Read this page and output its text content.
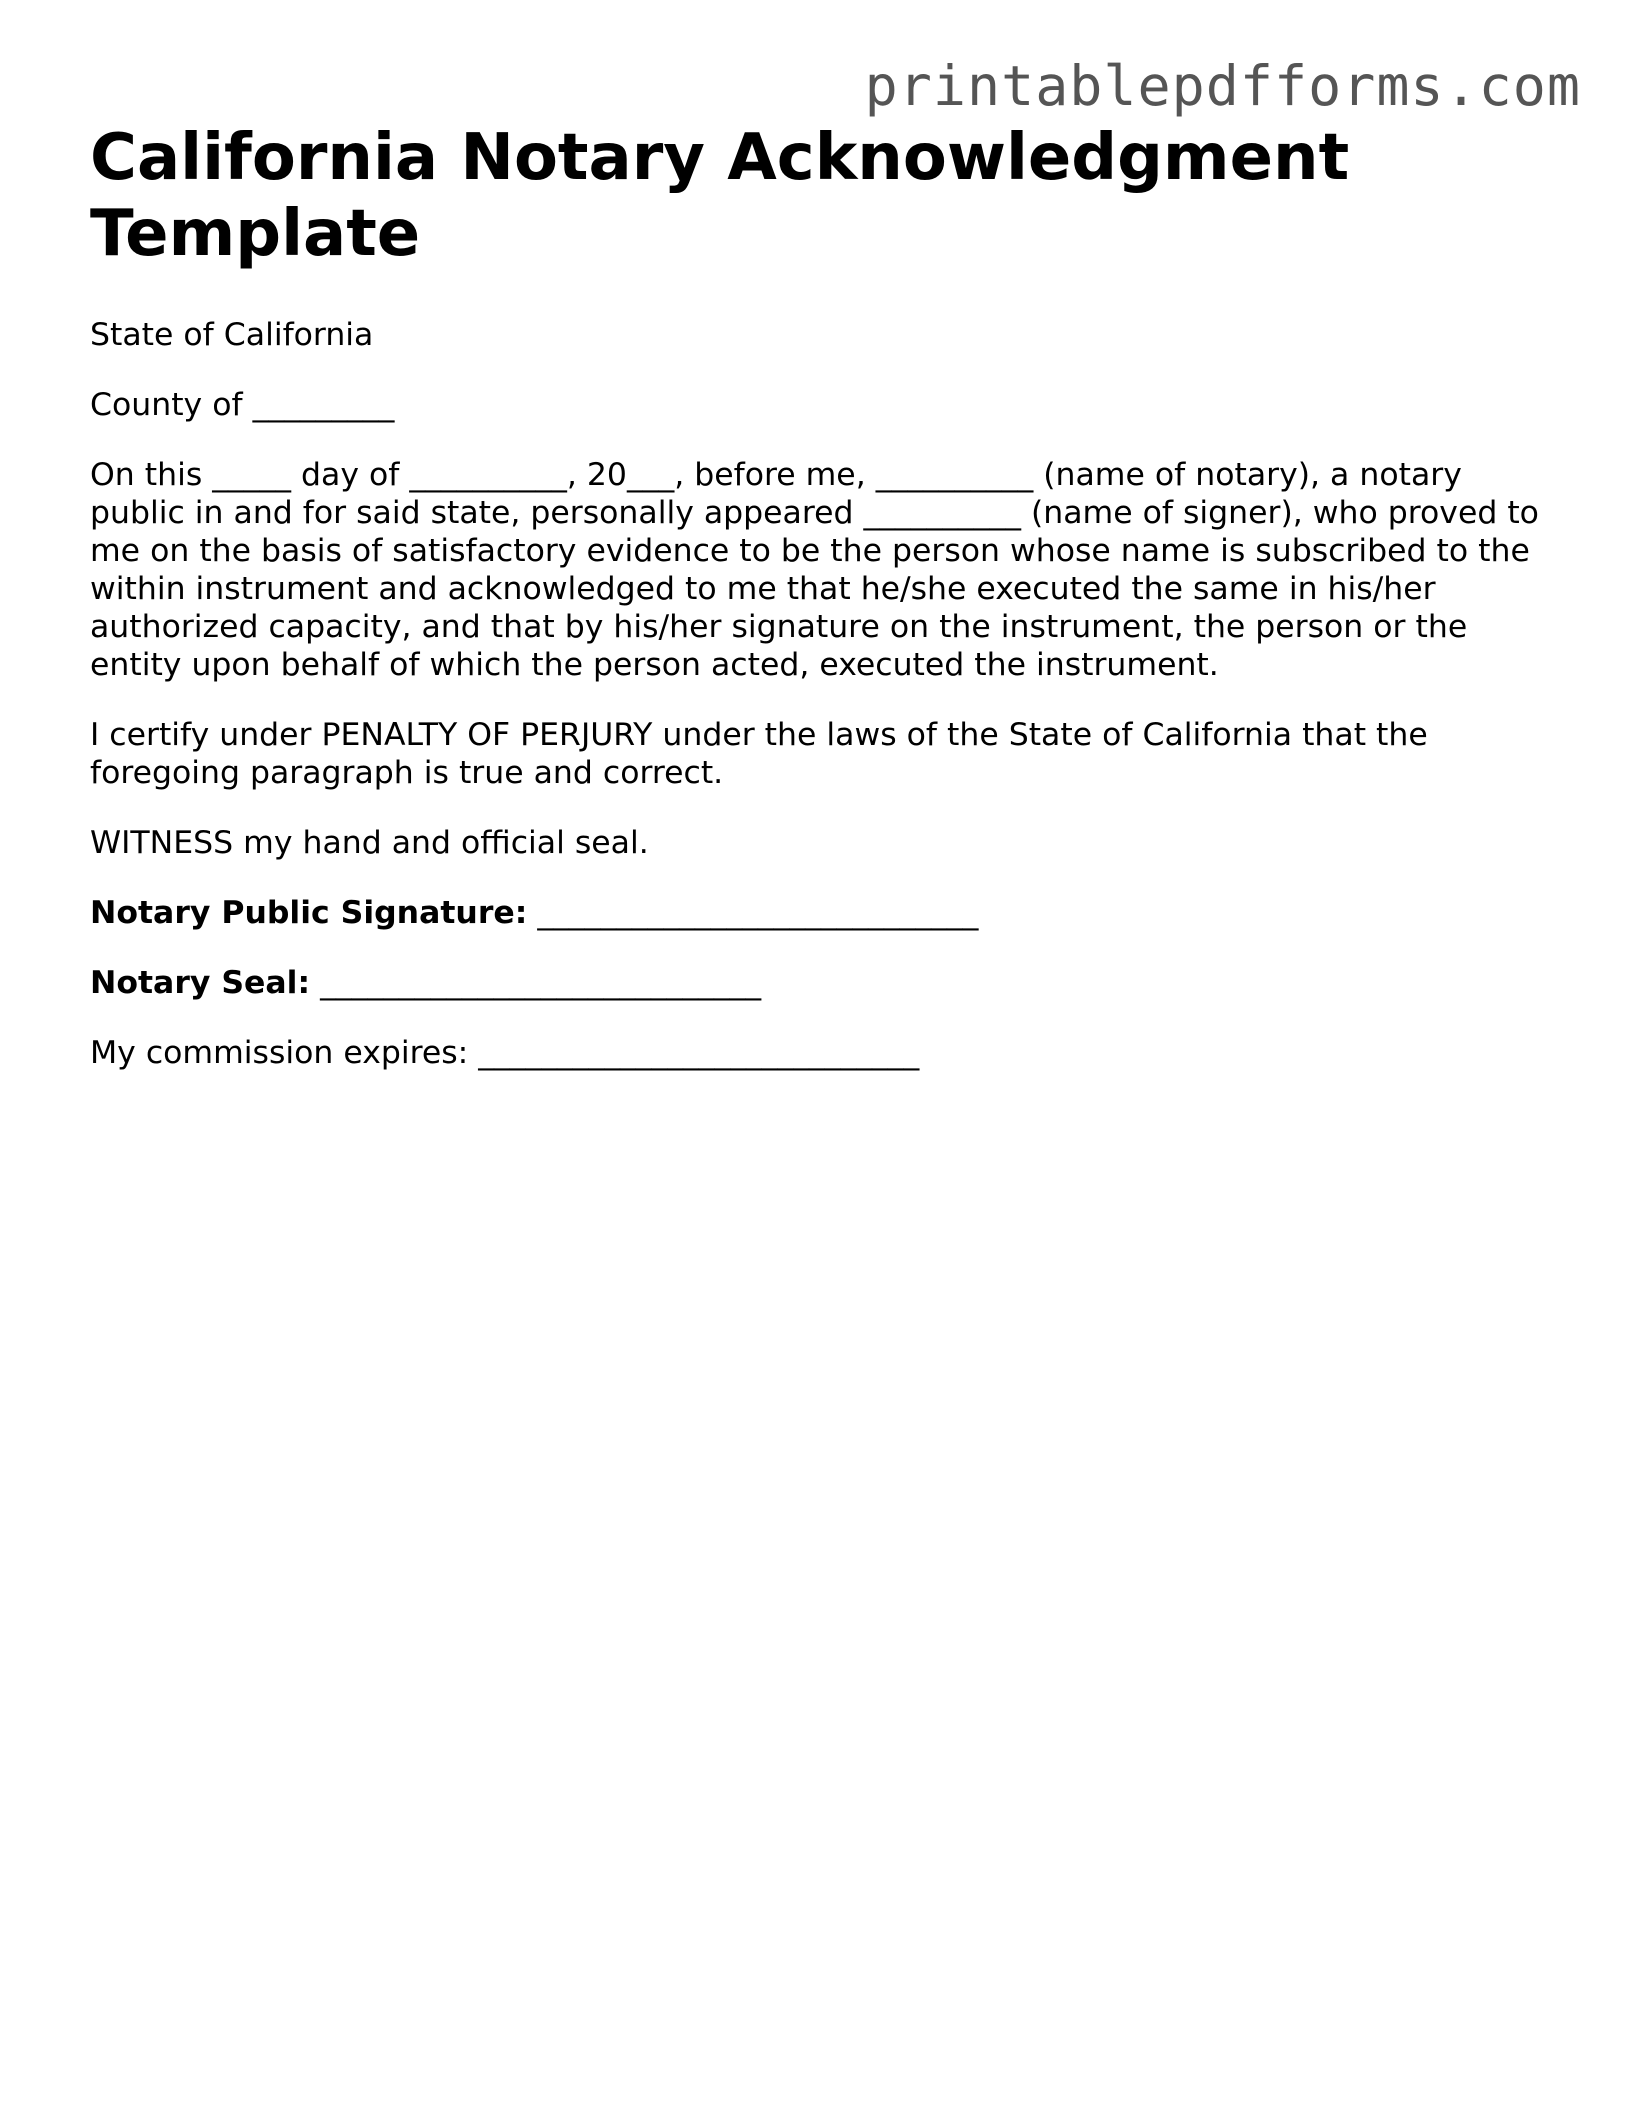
printablepdfforms.com
California Notary Acknowledgment Template

State of California

County of _________

On this _____ day of __________, 20___, before me, __________ (name of notary), a notary public in and for said state, personally appeared __________ (name of signer), who proved to me on the basis of satisfactory evidence to be the person whose name is subscribed to the within instrument and acknowledged to me that he/she executed the same in his/her authorized capacity, and that by his/her signature on the instrument, the person or the entity upon behalf of which the person acted, executed the instrument.

I certify under PENALTY OF PERJURY under the laws of the State of California that the foregoing paragraph is true and correct.

WITNESS my hand and official seal.

Notary Public Signature: ____________________________

Notary Seal: ____________________________

My commission expires: ____________________________
